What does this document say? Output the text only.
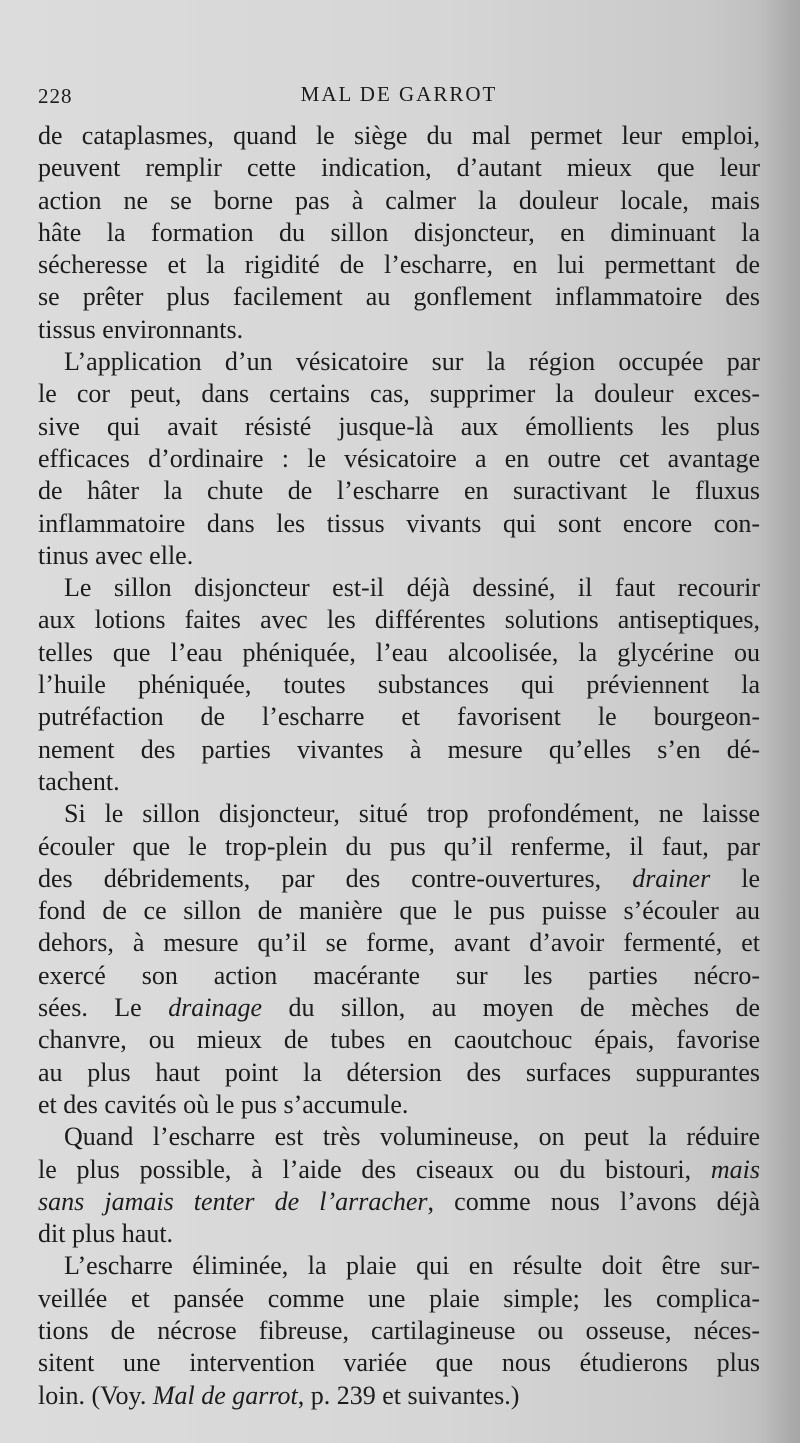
228	MAL DE GARROT

de cataplasmes, quand le siège du mal permet leur emploi,
peuvent remplir cette indication, d’autant mieux que leur
action ne se borne pas à calmer la douleur locale, mais
hâte la formation du sillon disjoncteur, en diminuant la
sécheresse et la rigidité de l’escharre, en lui permettant de
se prêter plus facilement au gonflement inflammatoire des
tissus environnants.

L’application d’un vésicatoire sur la région occupée par
le cor peut, dans certains cas, supprimer la douleur exces-
sive qui avait résisté jusque-là aux émollients les plus
efficaces d’ordinaire : le vésicatoire a en outre cet avantage
de hâter la chute de l’escharre en suractivant le fluxus
inflammatoire dans les tissus vivants qui sont encore con-
tinus avec elle.

Le sillon disjoncteur est-il déjà dessiné, il faut recourir
aux lotions faites avec les différentes solutions antiseptiques,
telles que l’eau phéniquée, l’eau alcoolisée, la glycérine ou
l’huile phéniquée, toutes substances qui préviennent la
putréfaction de l’escharre et favorisent le bourgeon-
nement des parties vivantes à mesure qu’elles s’en dé-
tachent.

Si le sillon disjoncteur, situé trop profondément, ne laisse
écouler que le trop-plein du pus qu’il renferme, il faut, par
des débridements, par des contre-ouvertures, drainer le
fond de ce sillon de manière que le pus puisse s’écouler au
dehors, à mesure qu’il se forme, avant d’avoir fermenté, et
exercé son action macérante sur les parties nécro-
sées. Le drainage du sillon, au moyen de mèches de
chanvre, ou mieux de tubes en caoutchouc épais, favorise
au plus haut point la détersion des surfaces suppurantes
et des cavités où le pus s’accumule.

Quand l’escharre est très volumineuse, on peut la réduire
le plus possible, à l’aide des ciseaux ou du bistouri, mais
sans jamais tenter de l’arracher, comme nous l’avons déjà
dit plus haut.

L’escharre éliminée, la plaie qui en résulte doit être sur-
veillée et pansée comme une plaie simple; les complica-
tions de nécrose fibreuse, cartilagineuse ou osseuse, néces-
sitent une intervention variée que nous étudierons plus
loin. (Voy. Mal de garrot, p. 239 et suivantes.)
